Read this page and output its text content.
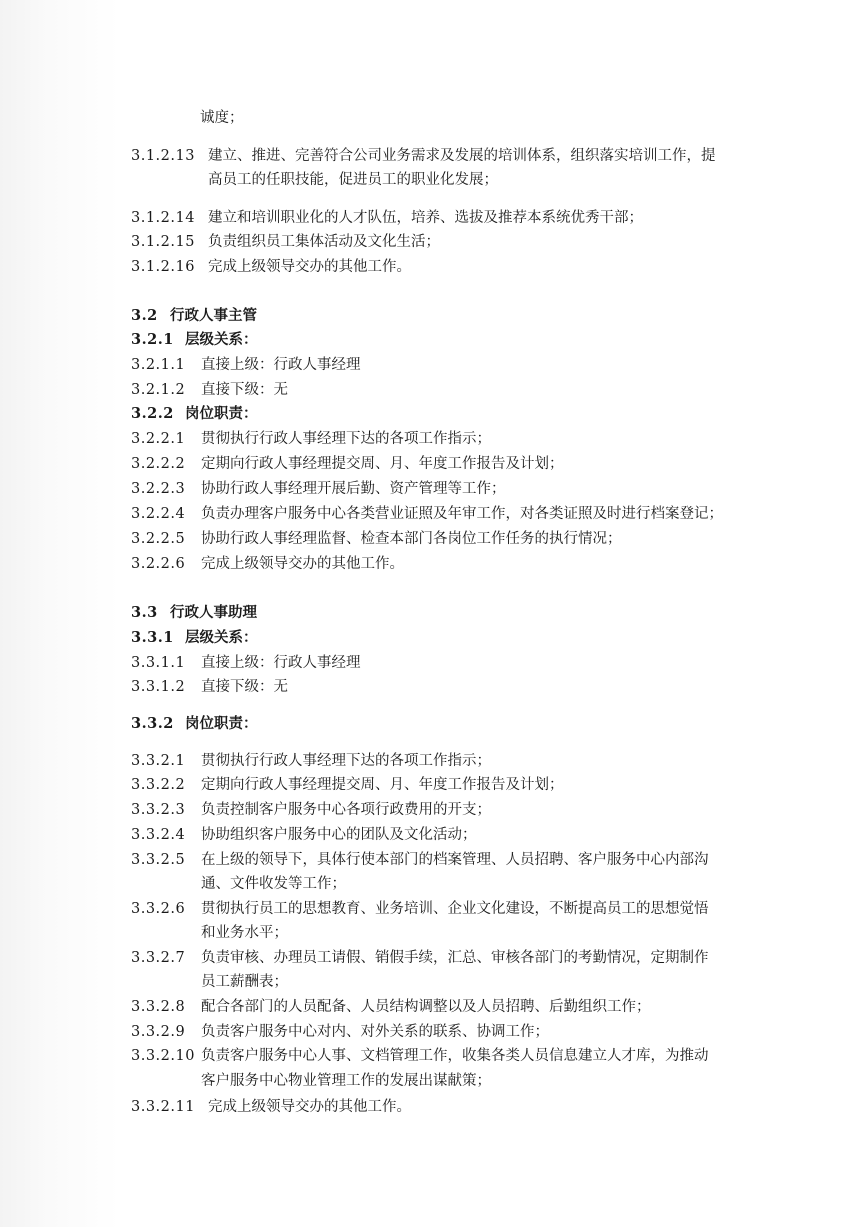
诚度；
3.1.2.13 建立、推进、完善符合公司业务需求及发展的培训体系，组织落实培训工作，提
高员工的任职技能，促进员工的职业化发展；
3.1.2.14 建立和培训职业化的人才队伍，培养、选拔及推荐本系统优秀干部；
3.1.2.15 负责组织员工集体活动及文化生活；
3.1.2.16 完成上级领导交办的其他工作。
3.2 行政人事主管
3.2.1 层级关系：
3.2.1.1 直接上级：行政人事经理
3.2.1.2 直接下级：无
3.2.2 岗位职责：
3.2.2.1 贯彻执行行政人事经理下达的各项工作指示；
3.2.2.2 定期向行政人事经理提交周、月、年度工作报告及计划；
3.2.2.3 协助行政人事经理开展后勤、资产管理等工作；
3.2.2.4 负责办理客户服务中心各类营业证照及年审工作，对各类证照及时进行档案登记；
3.2.2.5 协助行政人事经理监督、检查本部门各岗位工作任务的执行情况；
3.2.2.6 完成上级领导交办的其他工作。
3.3 行政人事助理
3.3.1 层级关系：
3.3.1.1 直接上级：行政人事经理
3.3.1.2 直接下级：无
3.3.2 岗位职责：
3.3.2.1 贯彻执行行政人事经理下达的各项工作指示；
3.3.2.2 定期向行政人事经理提交周、月、年度工作报告及计划；
3.3.2.3 负责控制客户服务中心各项行政费用的开支；
3.3.2.4 协助组织客户服务中心的团队及文化活动；
3.3.2.5 在上级的领导下，具体行使本部门的档案管理、人员招聘、客户服务中心内部沟
通、文件收发等工作；
3.3.2.6 贯彻执行员工的思想教育、业务培训、企业文化建设，不断提高员工的思想觉悟
和业务水平；
3.3.2.7 负责审核、办理员工请假、销假手续，汇总、审核各部门的考勤情况，定期制作
员工薪酬表；
3.3.2.8 配合各部门的人员配备、人员结构调整以及人员招聘、后勤组织工作；
3.3.2.9 负责客户服务中心对内、对外关系的联系、协调工作；
3.3.2.10 负责客户服务中心人事、文档管理工作，收集各类人员信息建立人才库，为推动
客户服务中心物业管理工作的发展出谋献策；
3.3.2.11 完成上级领导交办的其他工作。
